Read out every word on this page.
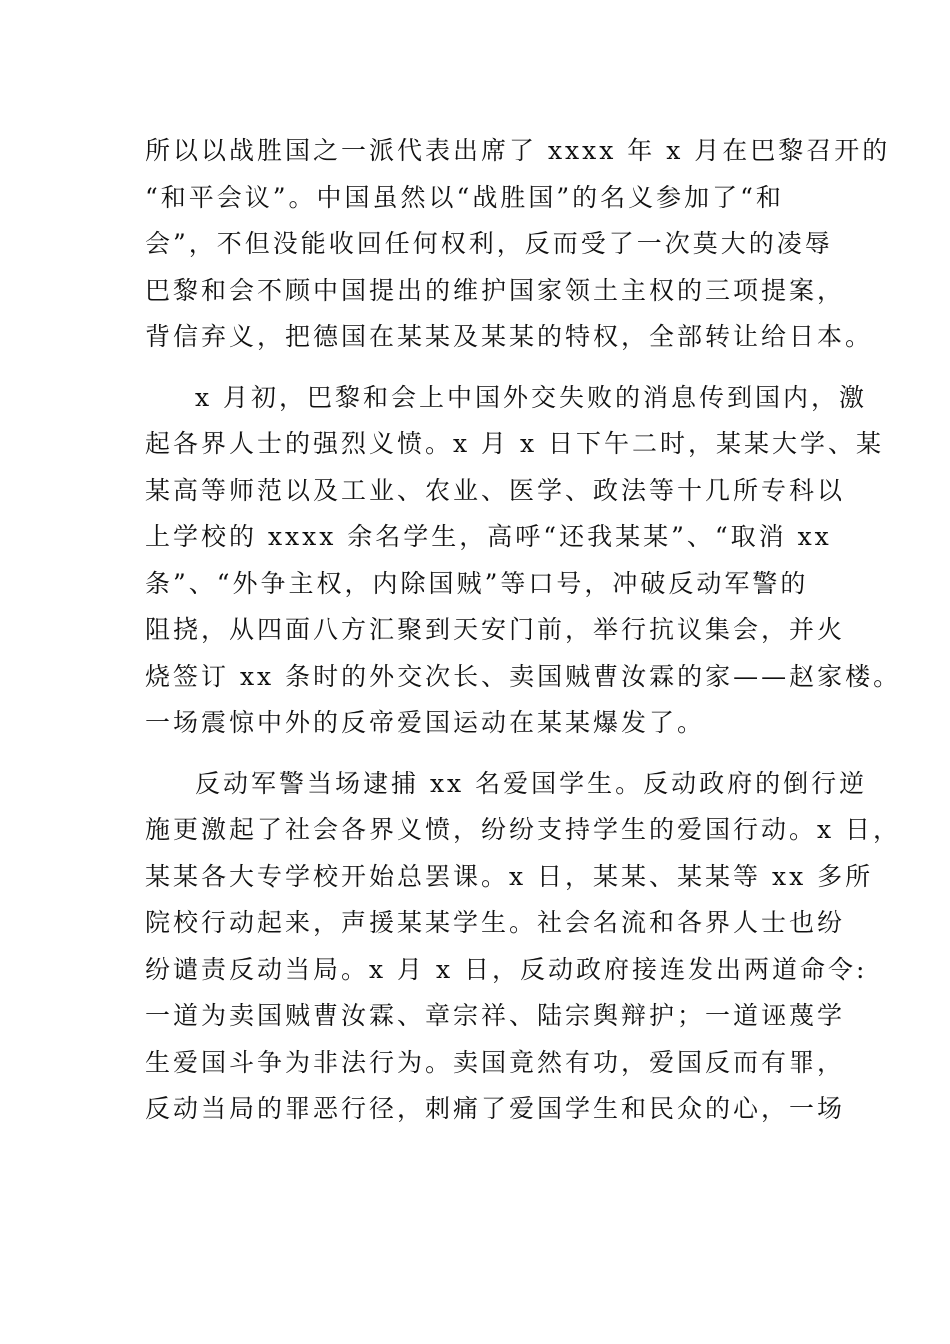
所以以战胜国之一派代表出席了 xxxx 年 x 月在巴黎召开的
“和平会议”。中国虽然以“战胜国”的名义参加了“和
会”，不但没能收回任何权利，反而受了一次莫大的凌辱
巴黎和会不顾中国提出的维护国家领土主权的三项提案，
背信弃义，把德国在某某及某某的特权，全部转让给日本。
x 月初，巴黎和会上中国外交失败的消息传到国内，激
起各界人士的强烈义愤。x 月 x 日下午二时，某某大学、某
某高等师范以及工业、农业、医学、政法等十几所专科以
上学校的 xxxx 余名学生，高呼“还我某某”、“取消 xx
条”、“外争主权，内除国贼”等口号，冲破反动军警的
阻挠，从四面八方汇聚到天安门前，举行抗议集会，并火
烧签订 xx 条时的外交次长、卖国贼曹汝霖的家——赵家楼。
一场震惊中外的反帝爱国运动在某某爆发了。
反动军警当场逮捕 xx 名爱国学生。反动政府的倒行逆
施更激起了社会各界义愤，纷纷支持学生的爱国行动。x 日，
某某各大专学校开始总罢课。x 日，某某、某某等 xx 多所
院校行动起来，声援某某学生。社会名流和各界人士也纷
纷谴责反动当局。x 月 x 日，反动政府接连发出两道命令:
一道为卖国贼曹汝霖、章宗祥、陆宗舆辩护；一道诬蔑学
生爱国斗争为非法行为。卖国竟然有功，爱国反而有罪，
反动当局的罪恶行径，刺痛了爱国学生和民众的心，一场
